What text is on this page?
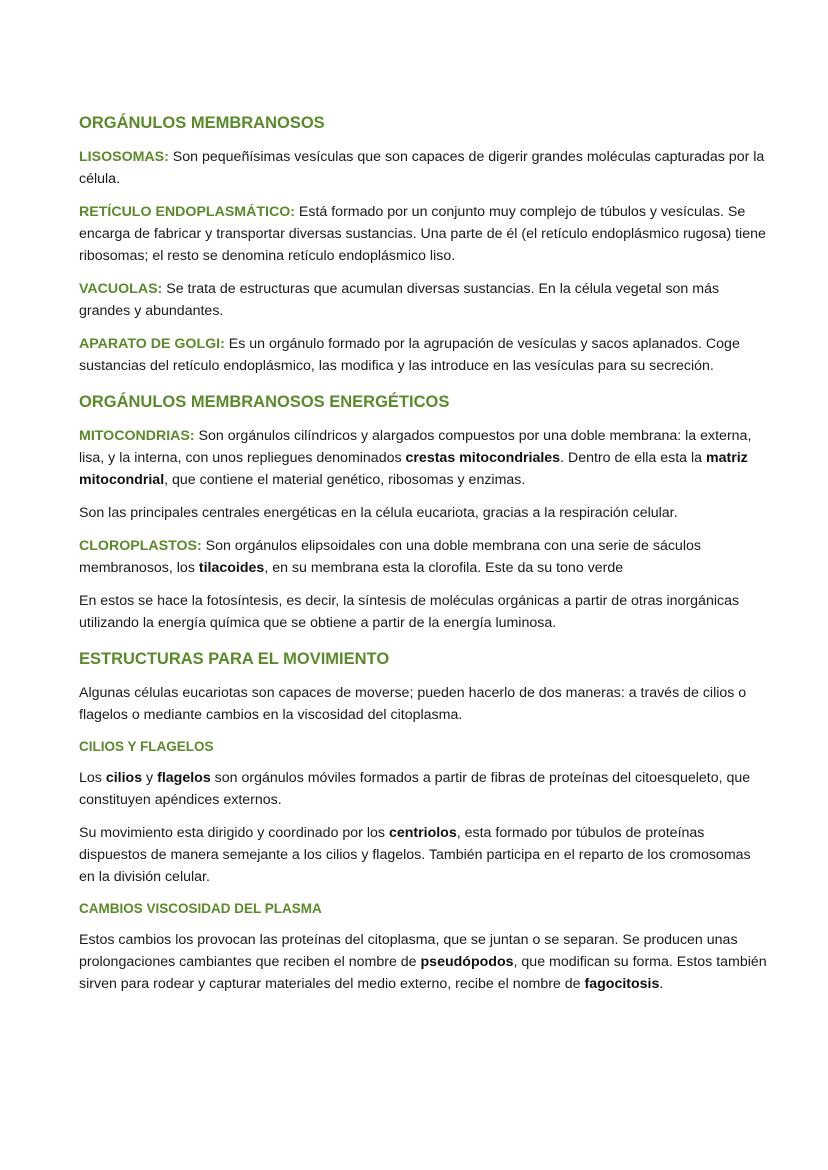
ORGÁNULOS MEMBRANOSOS

LISOSOMAS: Son pequeñísimas vesículas que son capaces de digerir grandes moléculas capturadas por la célula.

RETÍCULO ENDOPLASMÁTICO: Está formado por un conjunto muy complejo de túbulos y vesículas. Se encarga de fabricar y transportar diversas sustancias. Una parte de él (el retículo endoplásmico rugosa) tiene ribosomas; el resto se denomina retículo endoplásmico liso.

VACUOLAS: Se trata de estructuras que acumulan diversas sustancias. En la célula vegetal son más grandes y abundantes.

APARATO DE GOLGI: Es un orgánulo formado por la agrupación de vesículas y sacos aplanados. Coge sustancias del retículo endoplásmico, las modifica y las introduce en las vesículas para su secreción.

ORGÁNULOS MEMBRANOSOS ENERGÉTICOS

MITOCONDRIAS: Son orgánulos cilíndricos y alargados compuestos por una doble membrana: la externa, lisa, y la interna, con unos repliegues denominados crestas mitocondriales. Dentro de ella esta la matriz mitocondrial, que contiene el material genético, ribosomas y enzimas.

Son las principales centrales energéticas en la célula eucariota, gracias a la respiración celular.

CLOROPLASTOS: Son orgánulos elipsoidales con una doble membrana con una serie de sáculos membranosos, los tilacoides, en su membrana esta la clorofila. Este da su tono verde

En estos se hace la fotosíntesis, es decir, la síntesis de moléculas orgánicas a partir de otras inorgánicas utilizando la energía química que se obtiene a partir de la energía luminosa.

ESTRUCTURAS PARA EL MOVIMIENTO

Algunas células eucariotas son capaces de moverse; pueden hacerlo de dos maneras: a través de cilios o flagelos o mediante cambios en la viscosidad del citoplasma.

CILIOS Y FLAGELOS

Los cilios y flagelos son orgánulos móviles formados a partir de fibras de proteínas del citoesqueleto, que constituyen apéndices externos.

Su movimiento esta dirigido y coordinado por los centriolos, esta formado por túbulos de proteínas dispuestos de manera semejante a los cilios y flagelos. También participa en el reparto de los cromosomas en la división celular.

CAMBIOS VISCOSIDAD DEL PLASMA

Estos cambios los provocan las proteínas del citoplasma, que se juntan o se separan. Se producen unas prolongaciones cambiantes que reciben el nombre de pseudópodos, que modifican su forma. Estos también sirven para rodear y capturar materiales del medio externo, recibe el nombre de fagocitosis.
